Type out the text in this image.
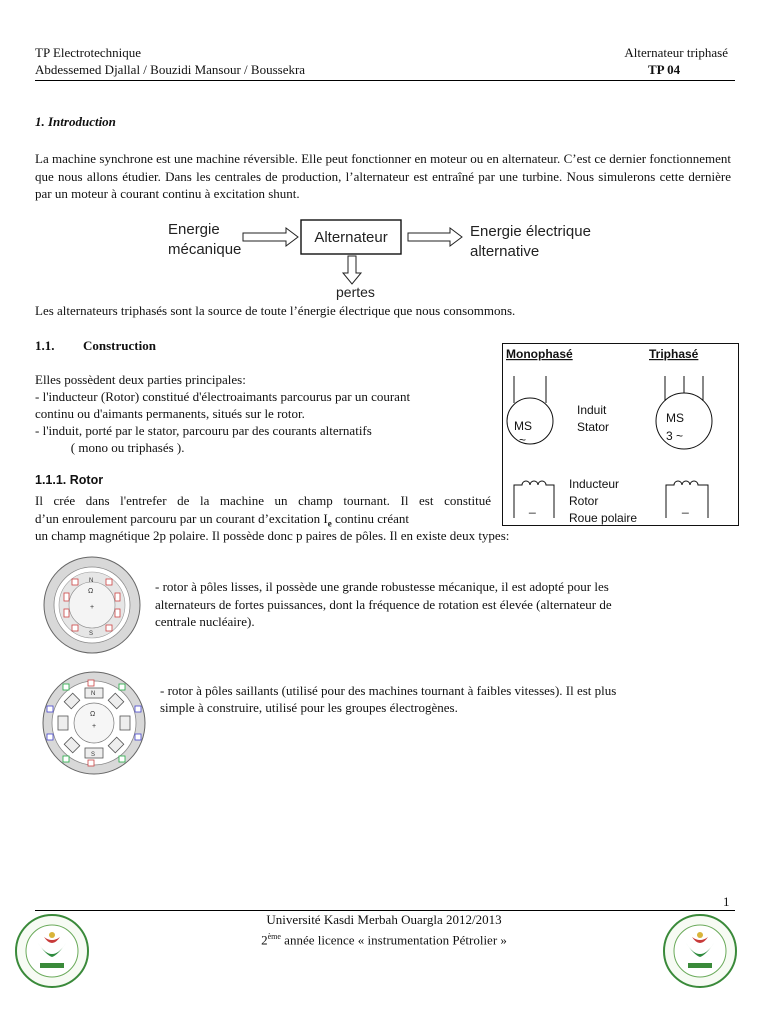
TP Electrotechnique
Abdessemed Djallal / Bouzidi Mansour / Boussekra
Alternateur triphasé
TP 04
1. Introduction
La machine synchrone est une machine réversible. Elle peut fonctionner en moteur ou en alternateur. C’est ce dernier fonctionnement que nous allons étudier. Dans les centrales de production, l’alternateur est entraîné par une turbine. Nous simulerons cette dernière par un moteur à courant continu à excitation shunt.
Energie
mécanique
Alternateur	Energie électrique
alternative
pertes
Les alternateurs triphasés sont la source de toute l’énergie électrique que nous consommons.
1.1. Construction
Elles possèdent deux parties principales:
- l'inducteur (Rotor) constitué d'électroaimants parcourus par un courant
continu ou d'aimants permanents, situés sur le rotor.
- l'induit, porté par le stator, parcouru par des courants alternatifs
( mono ou triphasés ).
Monophasé	Triphasé
MS
~
MS
3 ~
Induit
Stator
_	_
Inducteur
Rotor
Roue polaire
1.1.1. Rotor
Il crée dans l'entrefer de la machine un champ tournant. Il est constitué
d’un enroulement parcouru par un courant d’excitation $I_e$ continu créant
un champ magnétique 2p polaire. Il possède donc p paires de pôles. Il en existe deux types:
N
S
Ω
+
- rotor à pôles lisses, il possède une grande robustesse mécanique, il est adopté pour les
alternateurs de fortes puissances, dont la fréquence de rotation est élevée (alternateur de
centrale nucléaire).
N
S
Ω
+
- rotor à pôles saillants (utilisé pour des machines tournant à faibles vitesses). Il est plus
simple à construire, utilisé pour les groupes électrogènes.
1
Université Kasdi Merbah Ouargla 2012/2013
2ème année licence « instrumentation Pétrolier »
